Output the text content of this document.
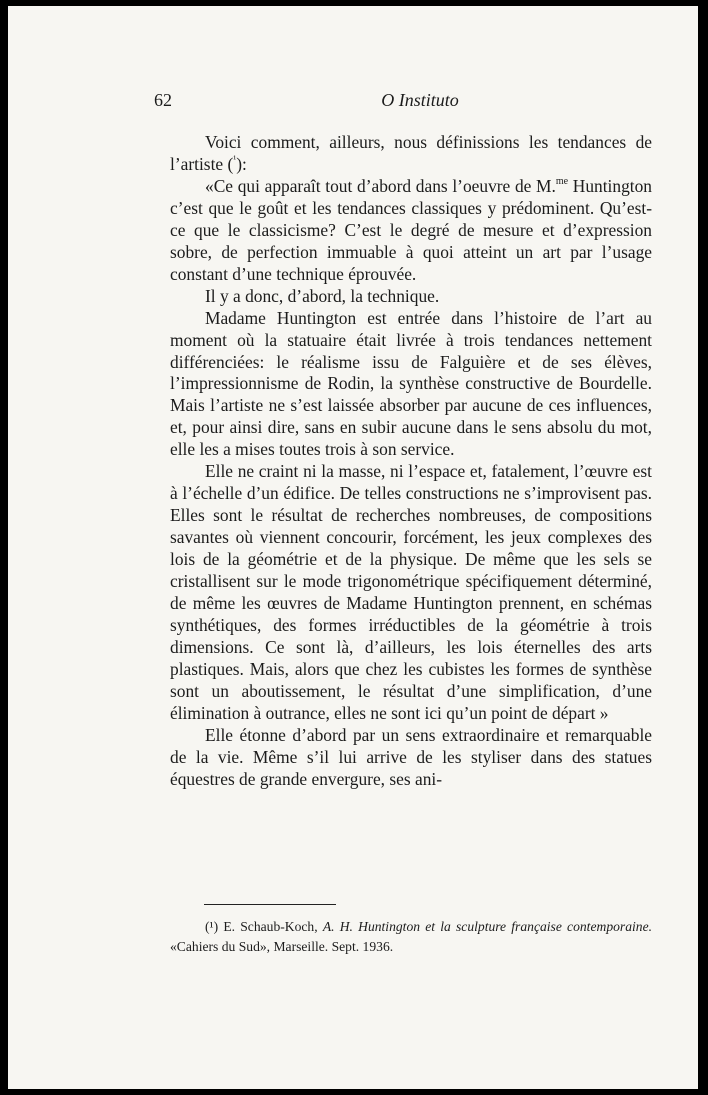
62	O Instituto

Voici comment, ailleurs, nous définissions les tendances de l’artiste ($^{^1}$):

«Ce qui apparaît tout d’abord dans l’oeuvre de M.$^{me}$ Huntington c’est que le goût et les tendances classiques y prédominent. Qu’est-ce que le classicisme? C’est le degré de mesure et d’expression sobre, de perfection immuable à quoi atteint un art par l’usage constant d’une technique éprouvée.

Il y a donc, d’abord, la technique.

Madame Huntington est entrée dans l’histoire de l’art au moment où la statuaire était livrée à trois tendances nettement différenciées: le réalisme issu de Falguière et de ses élèves, l’impressionnisme de Rodin, la synthèse constructive de Bourdelle. Mais l’artiste ne s’est laissée absorber par aucune de ces influences, et, pour ainsi dire, sans en subir aucune dans le sens absolu du mot, elle les a mises toutes trois à son service.

Elle ne craint ni la masse, ni l’espace et, fatalement, l’œuvre est à l’échelle d’un édifice. De telles constructions ne s’improvisent pas. Elles sont le résultat de recherches nombreuses, de compositions savantes où viennent concourir, forcément, les jeux complexes des lois de la géométrie et de la physique. De même que les sels se cristallisent sur le mode trigonométrique spécifiquement déterminé, de même les œuvres de Madame Huntington prennent, en schémas synthétiques, des formes irréductibles de la géométrie à trois dimensions. Ce sont là, d’ailleurs, les lois éternelles des arts plastiques. Mais, alors que chez les cubistes les formes de synthèse sont un aboutissement, le résultat d’une simplification, d’une élimination à outrance, elles ne sont ici qu’un point de départ »

Elle étonne d’abord par un sens extraordinaire et remarquable de la vie. Même s’il lui arrive de les styliser dans des statues équestres de grande envergure, ses ani-

(¹) E. Schaub-Koch, A. H. Huntington et la sculpture française contemporaine. «Cahiers du Sud», Marseille. Sept. 1936.
